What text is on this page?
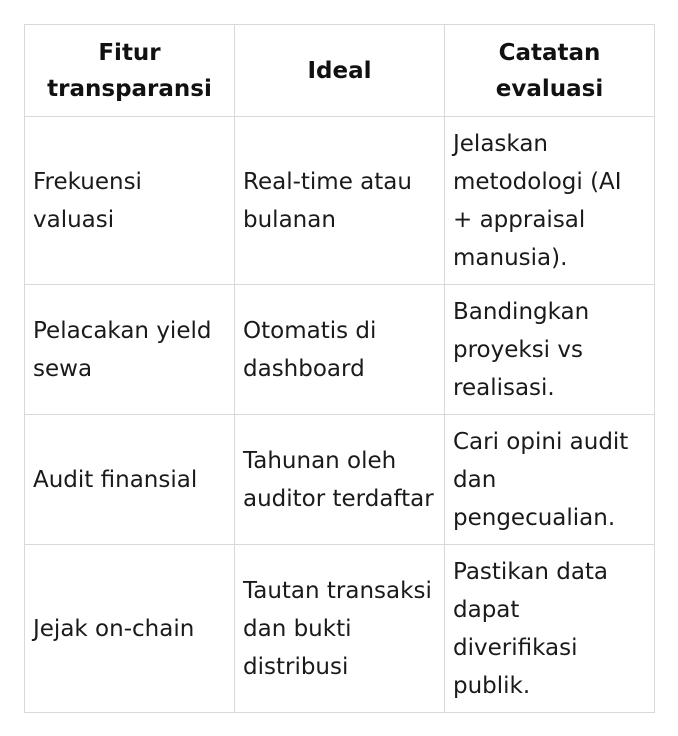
Fitur transparansi	Ideal	Catatan evaluasi
Frekuensi valuasi	Real-time atau bulanan	Jelaskan metodologi (AI + appraisal manusia).
Pelacakan yield sewa	Otomatis di dashboard	Bandingkan proyeksi vs realisasi.
Audit finansial	Tahunan oleh auditor terdaftar	Cari opini audit dan pengecualian.
Jejak on-chain	Tautan transaksi dan bukti distribusi	Pastikan data dapat diverifikasi publik.
